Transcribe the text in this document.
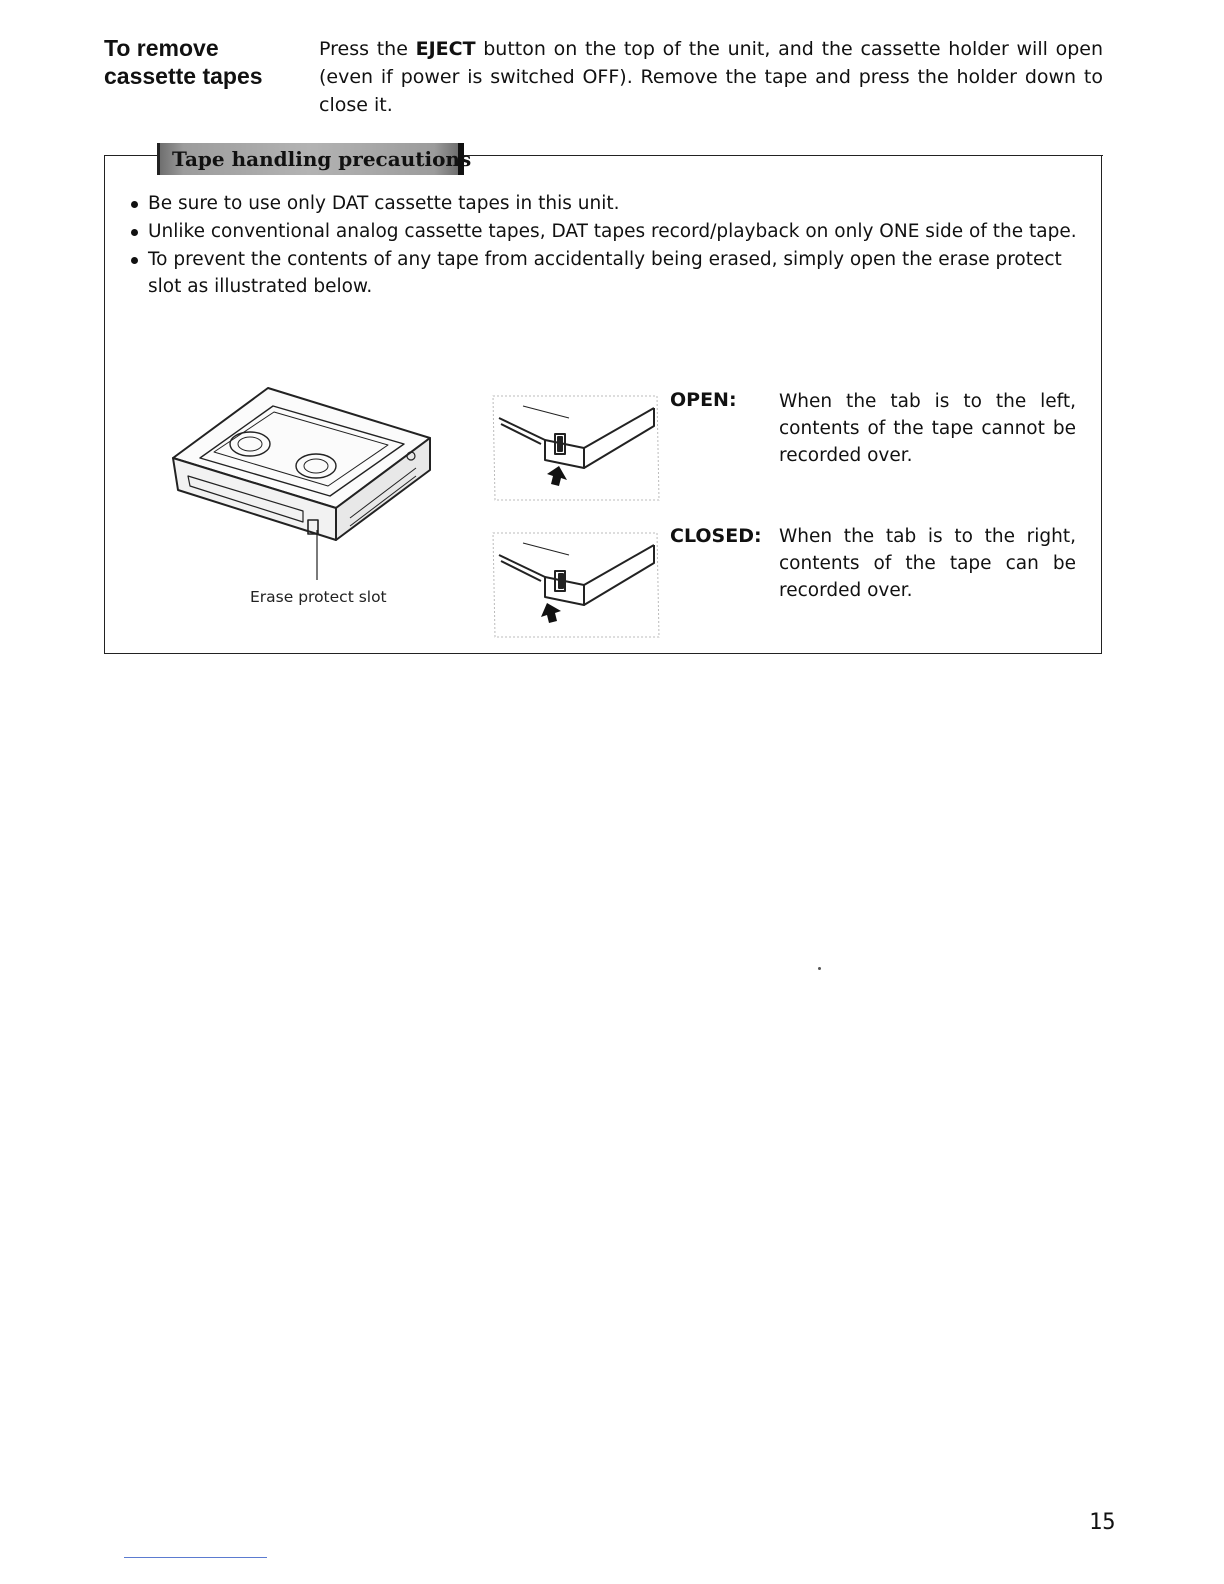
To remove
cassette tapes
Press the EJECT button on the top of the unit, and the cassette holder will open (even if power is switched OFF). Remove the tape and press the holder down to close it.
Tape handling precautions
Be sure to use only DAT cassette tapes in this unit.
Unlike conventional analog cassette tapes, DAT tapes record/playback on only ONE side of the tape.
To prevent the contents of any tape from accidentally being erased, simply open the erase protect slot as illustrated below.
Erase protect slot
OPEN: When the tab is to the left, contents of the tape cannot be recorded over.
CLOSED: When the tab is to the right, contents of the tape can be recorded over.
15
